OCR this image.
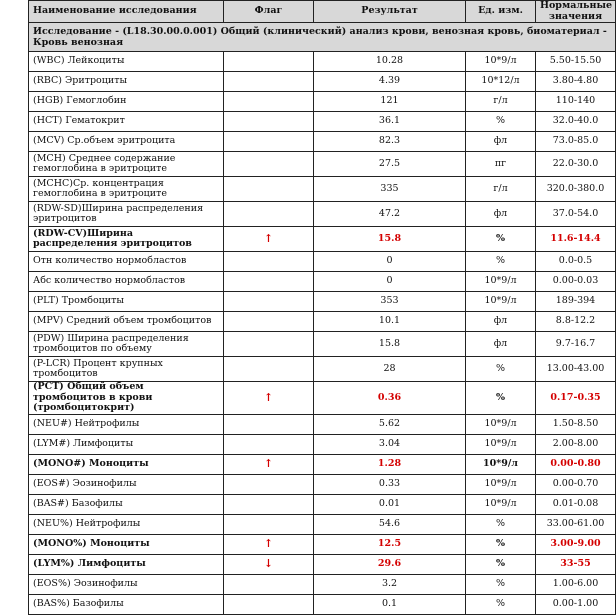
Наименование исследования	Флаг	Результат	Ед. изм.	Нормальные значения
Исследование - (L18.30.00.0.001) Общий (клинический) анализ крови, венозная кровь, биоматериал - Кровь венозная				
(WBC) Лейкоциты		10.28	10*9/л	5.50-15.50
(RBC) Эритроциты		4.39	10*12/л	3.80-4.80
(HGB) Гемоглобин		121	г/л	110-140
(HCT) Гематокрит		36.1	%	32.0-40.0
(MCV) Ср.объем эритроцита		82.3	фл	73.0-85.0
(MCH) Среднее содержание гемоглобина в эритроците		27.5	пг	22.0-30.0
(MCHC)Ср. концентрация гемоглобина в эритроците		335	г/л	320.0-380.0
(RDW-SD)Ширина распределения эритроцитов		47.2	фл	37.0-54.0
(RDW-CV)Ширина распределения эритроцитов	↑	15.8	%	11.6-14.4
Отн количество нормобластов		0	%	0.0-0.5
Абс количество нормобластов		0	10*9/л	0.00-0.03
(PLT) Тромбоциты		353	10*9/л	189-394
(MPV) Средний объем тромбоцитов		10.1	фл	8.8-12.2
(PDW) Ширина распределения тромбоцитов по объему		15.8	фл	9.7-16.7
(P-LCR) Процент крупных тромбоцитов		28	%	13.00-43.00
(PCT) Общий объем тромбоцитов в крови (тромбоцитокрит)	↑	0.36	%	0.17-0.35
(NEU#) Нейтрофилы		5.62	10*9/л	1.50-8.50
(LYM#) Лимфоциты		3.04	10*9/л	2.00-8.00
(MONO#) Моноциты	↑	1.28	10*9/л	0.00-0.80
(EOS#) Эозинофилы		0.33	10*9/л	0.00-0.70
(BAS#) Базофилы		0.01	10*9/л	0.01-0.08
(NEU%) Нейтрофилы		54.6	%	33.00-61.00
(MONO%) Моноциты	↑	12.5	%	3.00-9.00
(LYM%) Лимфоциты	↓	29.6	%	33-55
(EOS%) Эозинофилы		3.2	%	1.00-6.00
(BAS%) Базофилы		0.1	%	0.00-1.00
